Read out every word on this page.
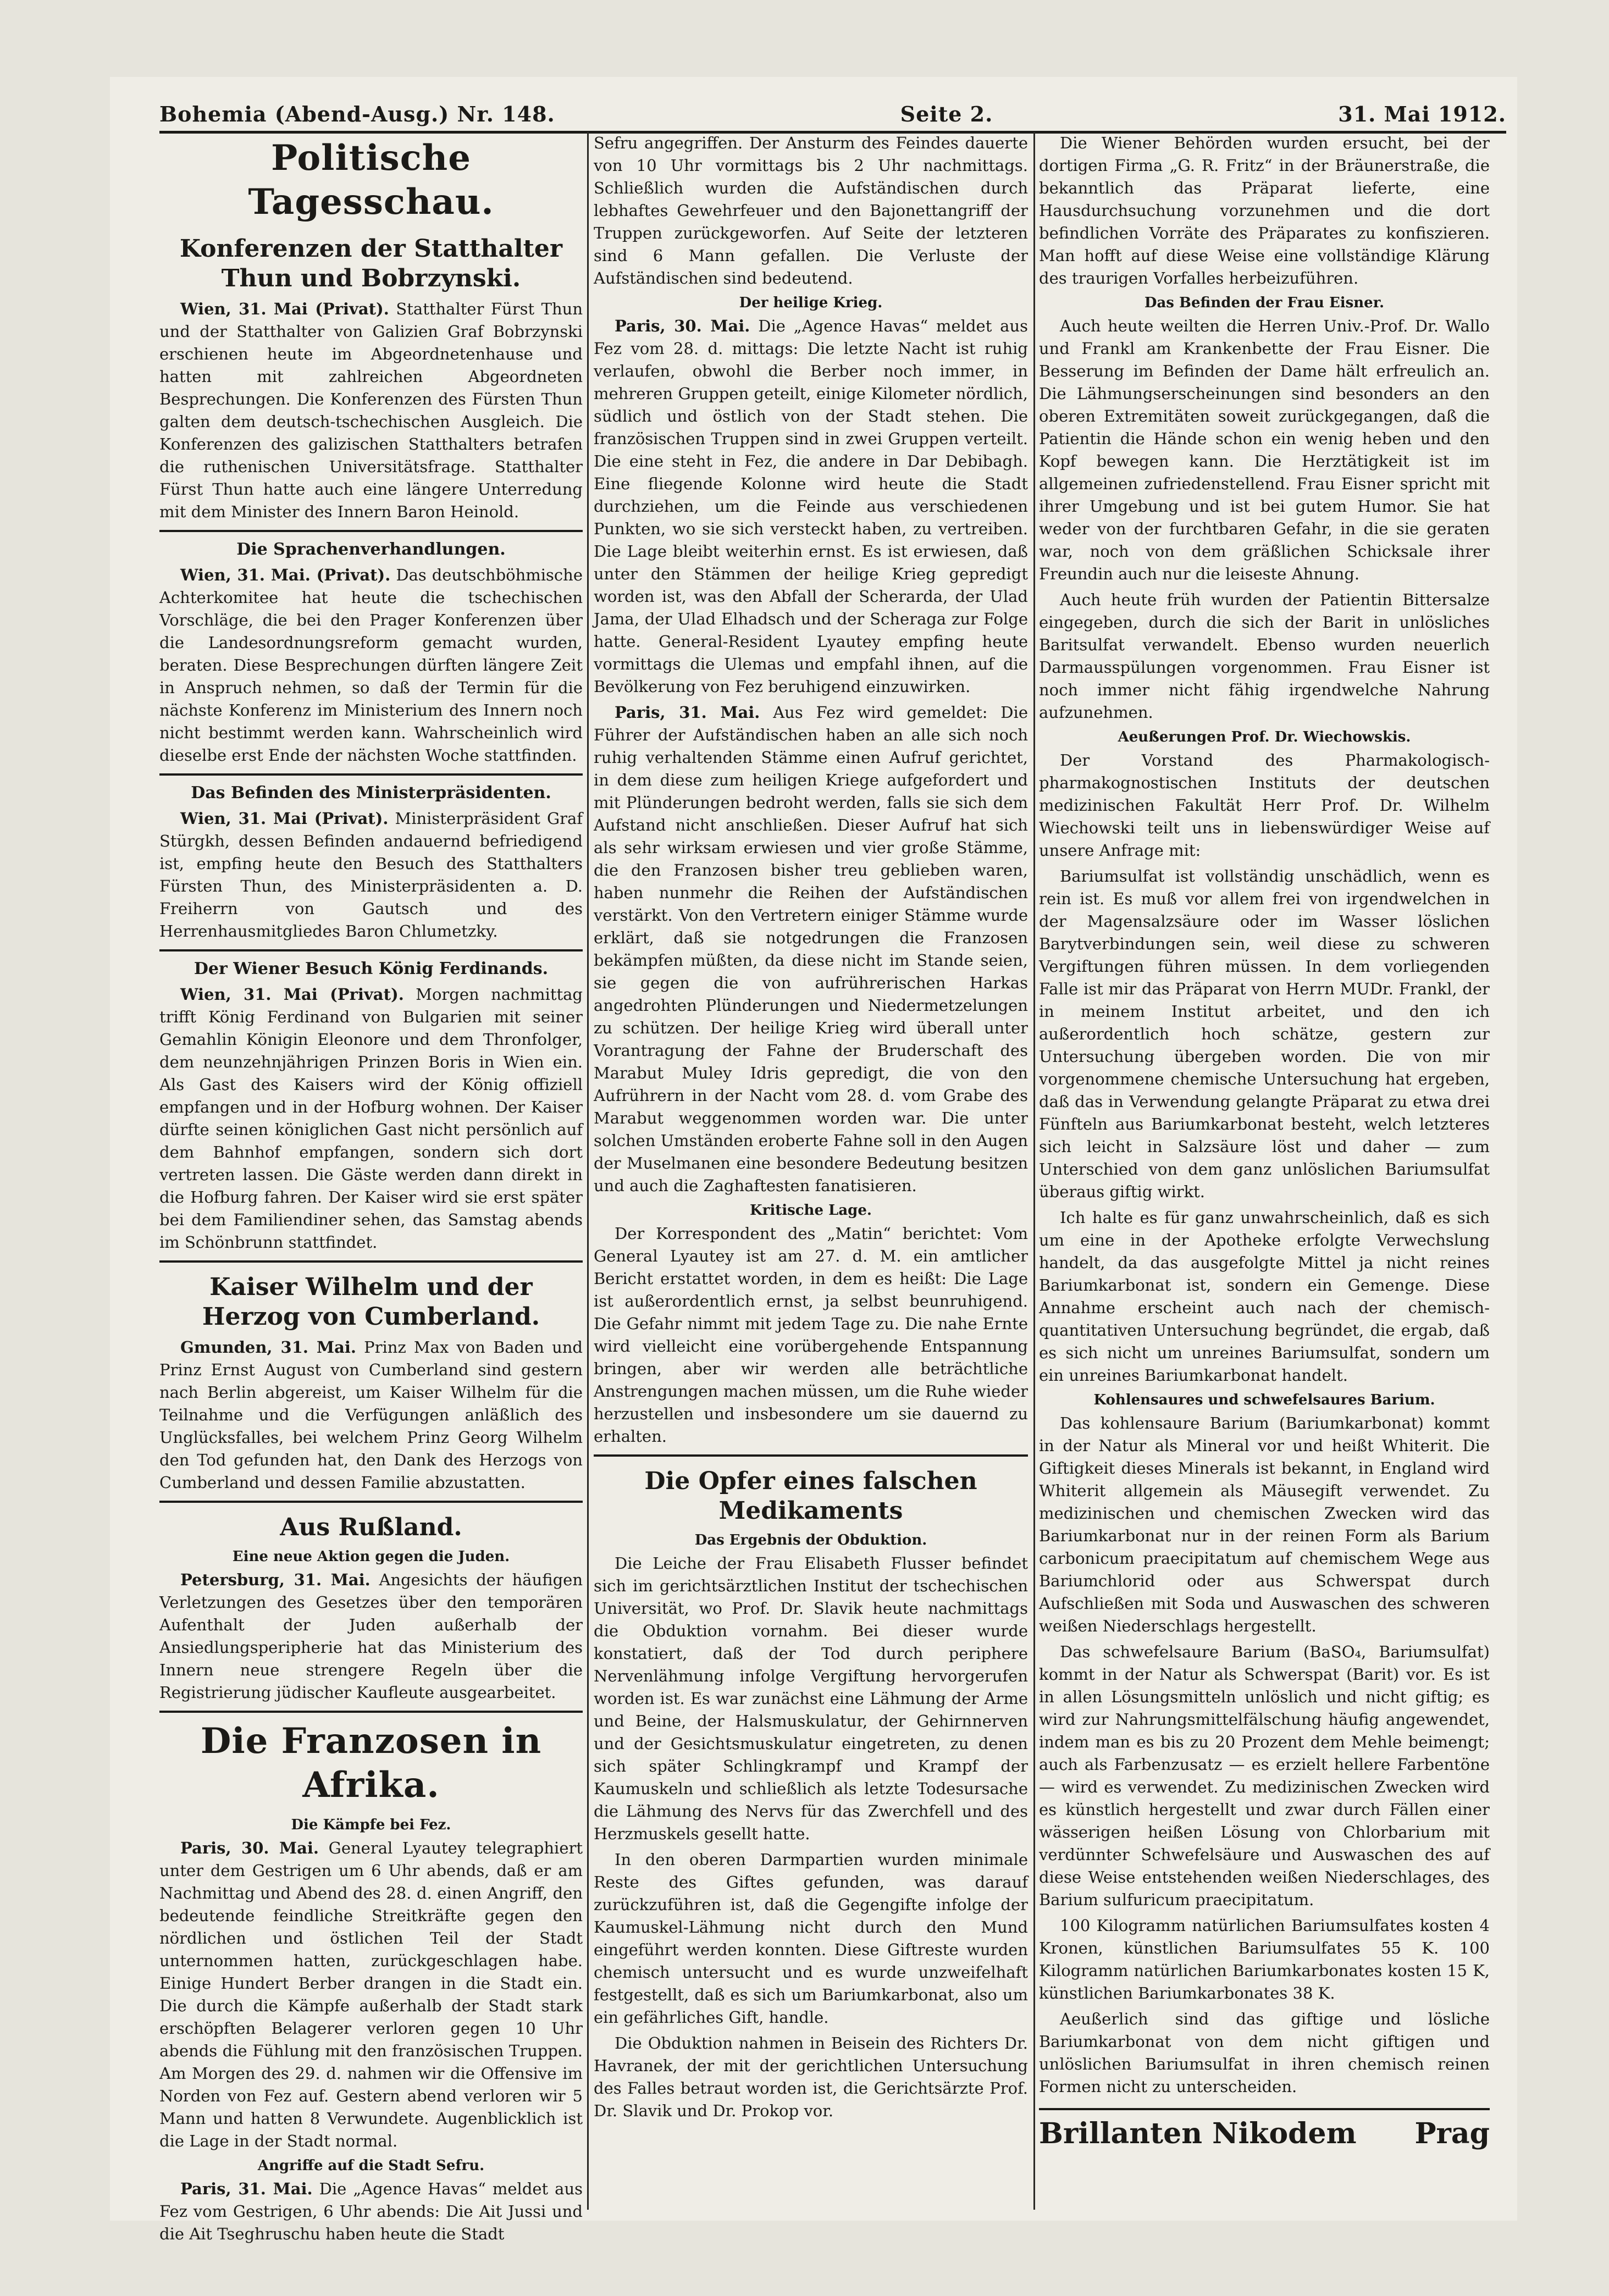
Bohemia (Abend-Ausg.) Nr. 148.	Seite 2.	31. Mai 1912.
Politische Tagesschau.
Konferenzen der Statthalter Thun und Bobrzynski.

Wien, 31. Mai (Privat). Statthalter Fürst Thun und der Statthalter von Galizien Graf Bobrzynski erschienen heute im Abgeordnetenhause und hatten mit zahlreichen Abgeordneten Besprechungen. Die Konferenzen des Fürsten Thun galten dem deutsch-tschechischen Ausgleich. Die Konferenzen des galizischen Statthalters betrafen die ruthenischen Universitätsfrage. Statthalter Fürst Thun hatte auch eine längere Unterredung mit dem Minister des Innern Baron Heinold.

Die Sprachenverhandlungen.

Wien, 31. Mai. (Privat). Das deutschböhmische Achterkomitee hat heute die tschechischen Vorschläge, die bei den Prager Konferenzen über die Landesordnungsreform gemacht wurden, beraten. Diese Besprechungen dürften längere Zeit in Anspruch nehmen, so daß der Termin für die nächste Konferenz im Ministerium des Innern noch nicht bestimmt werden kann. Wahrscheinlich wird dieselbe erst Ende der nächsten Woche stattfinden.

Das Befinden des Ministerpräsidenten.

Wien, 31. Mai (Privat). Ministerpräsident Graf Stürgkh, dessen Befinden andauernd befriedigend ist, empfing heute den Besuch des Statthalters Fürsten Thun, des Ministerpräsidenten a. D. Freiherrn von Gautsch und des Herrenhausmitgliedes Baron Chlumetzky.

Der Wiener Besuch König Ferdinands.

Wien, 31. Mai (Privat). Morgen nachmittag trifft König Ferdinand von Bulgarien mit seiner Gemahlin Königin Eleonore und dem Thronfolger, dem neunzehnjährigen Prinzen Boris in Wien ein. Als Gast des Kaisers wird der König offiziell empfangen und in der Hofburg wohnen. Der Kaiser dürfte seinen königlichen Gast nicht persönlich auf dem Bahnhof empfangen, sondern sich dort vertreten lassen. Die Gäste werden dann direkt in die Hofburg fahren. Der Kaiser wird sie erst später bei dem Familiendiner sehen, das Samstag abends im Schönbrunn stattfindet.

Kaiser Wilhelm und der Herzog von Cumberland.

Gmunden, 31. Mai. Prinz Max von Baden und Prinz Ernst August von Cumberland sind gestern nach Berlin abgereist, um Kaiser Wilhelm für die Teilnahme und die Verfügungen anläßlich des Unglücksfalles, bei welchem Prinz Georg Wilhelm den Tod gefunden hat, den Dank des Herzogs von Cumberland und dessen Familie abzustatten.

Aus Rußland.
Eine neue Aktion gegen die Juden.

Petersburg, 31. Mai. Angesichts der häufigen Verletzungen des Gesetzes über den temporären Aufenthalt der Juden außerhalb der Ansiedlungsperipherie hat das Ministerium des Innern neue strengere Regeln über die Registrierung jüdischer Kaufleute ausgearbeitet.

Die Franzosen in Afrika.
Die Kämpfe bei Fez.

Paris, 30. Mai. General Lyautey telegraphiert unter dem Gestrigen um 6 Uhr abends, daß er am Nachmittag und Abend des 28. d. einen Angriff, den bedeutende feindliche Streitkräfte gegen den nördlichen und östlichen Teil der Stadt unternommen hatten, zurückgeschlagen habe. Einige Hundert Berber drangen in die Stadt ein. Die durch die Kämpfe außerhalb der Stadt stark erschöpften Belagerer verloren gegen 10 Uhr abends die Fühlung mit den französischen Truppen. Am Morgen des 29. d. nahmen wir die Offensive im Norden von Fez auf. Gestern abend verloren wir 5 Mann und hatten 8 Verwundete. Augenblicklich ist die Lage in der Stadt normal.

Angriffe auf die Stadt Sefru.

Paris, 31. Mai. Die „Agence Havas“ meldet aus Fez vom Gestrigen, 6 Uhr abends: Die Ait Jussi und die Ait Tseghruschu haben heute die Stadt

Sefru angegriffen. Der Ansturm des Feindes dauerte von 10 Uhr vormittags bis 2 Uhr nachmittags. Schließlich wurden die Aufständischen durch lebhaftes Gewehrfeuer und den Bajonettangriff der Truppen zurückgeworfen. Auf Seite der letzteren sind 6 Mann gefallen. Die Verluste der Aufständischen sind bedeutend.

Der heilige Krieg.

Paris, 30. Mai. Die „Agence Havas“ meldet aus Fez vom 28. d. mittags: Die letzte Nacht ist ruhig verlaufen, obwohl die Berber noch immer, in mehreren Gruppen geteilt, einige Kilometer nördlich, südlich und östlich von der Stadt stehen. Die französischen Truppen sind in zwei Gruppen verteilt. Die eine steht in Fez, die andere in Dar Debibagh. Eine fliegende Kolonne wird heute die Stadt durchziehen, um die Feinde aus verschiedenen Punkten, wo sie sich versteckt haben, zu vertreiben. Die Lage bleibt weiterhin ernst. Es ist erwiesen, daß unter den Stämmen der heilige Krieg gepredigt worden ist, was den Abfall der Scherarda, der Ulad Jama, der Ulad Elhadsch und der Scheraga zur Folge hatte. General-Resident Lyautey empfing heute vormittags die Ulemas und empfahl ihnen, auf die Bevölkerung von Fez beruhigend einzuwirken.

Paris, 31. Mai. Aus Fez wird gemeldet: Die Führer der Aufständischen haben an alle sich noch ruhig verhaltenden Stämme einen Aufruf gerichtet, in dem diese zum heiligen Kriege aufgefordert und mit Plünderungen bedroht werden, falls sie sich dem Aufstand nicht anschließen. Dieser Aufruf hat sich als sehr wirksam erwiesen und vier große Stämme, die den Franzosen bisher treu geblieben waren, haben nunmehr die Reihen der Aufständischen verstärkt. Von den Vertretern einiger Stämme wurde erklärt, daß sie notgedrungen die Franzosen bekämpfen müßten, da diese nicht im Stande seien, sie gegen die von aufrührerischen Harkas angedrohten Plünderungen und Niedermetzelungen zu schützen. Der heilige Krieg wird überall unter Vorantragung der Fahne der Bruderschaft des Marabut Muley Idris gepredigt, die von den Aufrührern in der Nacht vom 28. d. vom Grabe des Marabut weggenommen worden war. Die unter solchen Umständen eroberte Fahne soll in den Augen der Muselmanen eine besondere Bedeutung besitzen und auch die Zaghaftesten fanatisieren.

Kritische Lage.

Der Korrespondent des „Matin“ berichtet: Vom General Lyautey ist am 27. d. M. ein amtlicher Bericht erstattet worden, in dem es heißt: Die Lage ist außerordentlich ernst, ja selbst beunruhigend. Die Gefahr nimmt mit jedem Tage zu. Die nahe Ernte wird vielleicht eine vorübergehende Entspannung bringen, aber wir werden alle beträchtliche Anstrengungen machen müssen, um die Ruhe wieder herzustellen und insbesondere um sie dauernd zu erhalten.

Die Opfer eines falschen Medikaments
Das Ergebnis der Obduktion.

Die Leiche der Frau Elisabeth Flusser befindet sich im gerichtsärztlichen Institut der tschechischen Universität, wo Prof. Dr. Slavik heute nachmittags die Obduktion vornahm. Bei dieser wurde konstatiert, daß der Tod durch periphere Nervenlähmung infolge Vergiftung hervorgerufen worden ist. Es war zunächst eine Lähmung der Arme und Beine, der Halsmuskulatur, der Gehirnnerven und der Gesichtsmuskulatur eingetreten, zu denen sich später Schlingkrampf und Krampf der Kaumuskeln und schließlich als letzte Todesursache die Lähmung des Nervs für das Zwerchfell und des Herzmuskels gesellt hatte.

In den oberen Darmpartien wurden minimale Reste des Giftes gefunden, was darauf zurückzuführen ist, daß die Gegengifte infolge der Kaumuskel-Lähmung nicht durch den Mund eingeführt werden konnten. Diese Giftreste wurden chemisch untersucht und es wurde unzweifelhaft festgestellt, daß es sich um Bariumkarbonat, also um ein gefährliches Gift, handle.

Die Obduktion nahmen in Beisein des Richters Dr. Havranek, der mit der gerichtlichen Untersuchung des Falles betraut worden ist, die Gerichtsärzte Prof. Dr. Slavik und Dr. Prokop vor.

Die Wiener Behörden wurden ersucht, bei der dortigen Firma „G. R. Fritz“ in der Bräunerstraße, die bekanntlich das Präparat lieferte, eine Hausdurchsuchung vorzunehmen und die dort befindlichen Vorräte des Präparates zu konfiszieren. Man hofft auf diese Weise eine vollständige Klärung des traurigen Vorfalles herbeizuführen.

Das Befinden der Frau Eisner.

Auch heute weilten die Herren Univ.-Prof. Dr. Wallo und Frankl am Krankenbette der Frau Eisner. Die Besserung im Befinden der Dame hält erfreulich an. Die Lähmungserscheinungen sind besonders an den oberen Extremitäten soweit zurückgegangen, daß die Patientin die Hände schon ein wenig heben und den Kopf bewegen kann. Die Herztätigkeit ist im allgemeinen zufriedenstellend. Frau Eisner spricht mit ihrer Umgebung und ist bei gutem Humor. Sie hat weder von der furchtbaren Gefahr, in die sie geraten war, noch von dem gräßlichen Schicksale ihrer Freundin auch nur die leiseste Ahnung.

Auch heute früh wurden der Patientin Bittersalze eingegeben, durch die sich der Barit in unlösliches Baritsulfat verwandelt. Ebenso wurden neuerlich Darmausspülungen vorgenommen. Frau Eisner ist noch immer nicht fähig irgendwelche Nahrung aufzunehmen.

Aeußerungen Prof. Dr. Wiechowskis.

Der Vorstand des Pharmakologisch-pharmakognostischen Instituts der deutschen medizinischen Fakultät Herr Prof. Dr. Wilhelm Wiechowski teilt uns in liebenswürdiger Weise auf unsere Anfrage mit:

Bariumsulfat ist vollständig unschädlich, wenn es rein ist. Es muß vor allem frei von irgendwelchen in der Magensalzsäure oder im Wasser löslichen Barytverbindungen sein, weil diese zu schweren Vergiftungen führen müssen. In dem vorliegenden Falle ist mir das Präparat von Herrn MUDr. Frankl, der in meinem Institut arbeitet, und den ich außerordentlich hoch schätze, gestern zur Untersuchung übergeben worden. Die von mir vorgenommene chemische Untersuchung hat ergeben, daß das in Verwendung gelangte Präparat zu etwa drei Fünfteln aus Bariumkarbonat besteht, welch letzteres sich leicht in Salzsäure löst und daher — zum Unterschied von dem ganz unlöslichen Bariumsulfat überaus giftig wirkt.

Ich halte es für ganz unwahrscheinlich, daß es sich um eine in der Apotheke erfolgte Verwechslung handelt, da das ausgefolgte Mittel ja nicht reines Bariumkarbonat ist, sondern ein Gemenge. Diese Annahme erscheint auch nach der chemisch-quantitativen Untersuchung begründet, die ergab, daß es sich nicht um unreines Bariumsulfat, sondern um ein unreines Bariumkarbonat handelt.

Kohlensaures und schwefelsaures Barium.

Das kohlensaure Barium (Bariumkarbonat) kommt in der Natur als Mineral vor und heißt Whiterit. Die Giftigkeit dieses Minerals ist bekannt, in England wird Whiterit allgemein als Mäusegift verwendet. Zu medizinischen und chemischen Zwecken wird das Bariumkarbonat nur in der reinen Form als Barium carbonicum praecipitatum auf chemischem Wege aus Bariumchlorid oder aus Schwerspat durch Aufschließen mit Soda und Auswaschen des schweren weißen Niederschlags hergestellt.

Das schwefelsaure Barium (BaSO₄, Bariumsulfat) kommt in der Natur als Schwerspat (Barit) vor. Es ist in allen Lösungsmitteln unlöslich und nicht giftig; es wird zur Nahrungsmittelfälschung häufig angewendet, indem man es bis zu 20 Prozent dem Mehle beimengt; auch als Farbenzusatz — es erzielt hellere Farbentöne — wird es verwendet. Zu medizinischen Zwecken wird es künstlich hergestellt und zwar durch Fällen einer wässerigen heißen Lösung von Chlorbarium mit verdünnter Schwefelsäure und Auswaschen des auf diese Weise entstehenden weißen Niederschlages, des Barium sulfuricum praecipitatum.

100 Kilogramm natürlichen Bariumsulfates kosten 4 Kronen, künstlichen Bariumsulfates 55 K. 100 Kilogramm natürlichen Bariumkarbonates kosten 15 K, künstlichen Bariumkarbonates 38 K.

Aeußerlich sind das giftige und lösliche Bariumkarbonat von dem nicht giftigen und unlöslichen Bariumsulfat in ihren chemisch reinen Formen nicht zu unterscheiden.

Brillanten Nikodem Prag
